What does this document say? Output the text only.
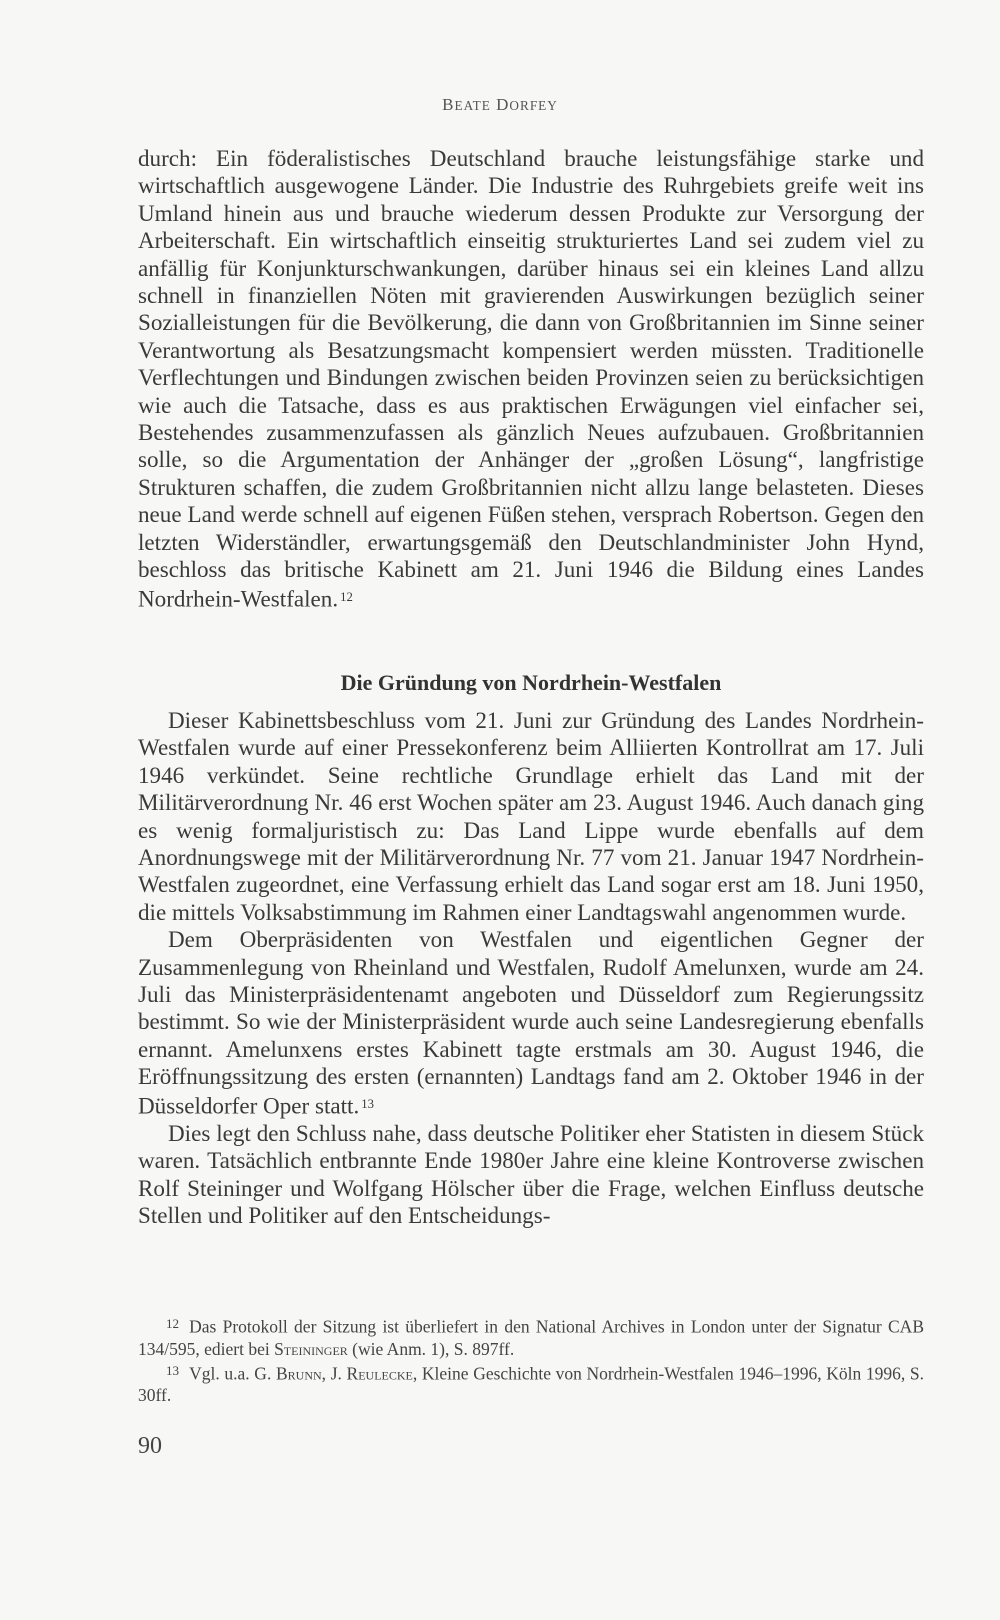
BEATE DORFEY

durch: Ein föderalistisches Deutschland brauche leistungsfähige starke und wirtschaftlich ausgewogene Länder. Die Industrie des Ruhrgebiets greife weit ins Umland hinein aus und brauche wiederum dessen Produkte zur Versorgung der Arbeiterschaft. Ein wirtschaftlich einseitig strukturiertes Land sei zudem viel zu anfällig für Konjunkturschwankungen, darüber hinaus sei ein kleines Land allzu schnell in finanziellen Nöten mit gravierenden Auswirkungen bezüglich seiner Sozialleistungen für die Bevölkerung, die dann von Großbritannien im Sinne seiner Verantwortung als Besatzungsmacht kompensiert werden müssten. Traditionelle Verflechtungen und Bindungen zwischen beiden Provinzen seien zu berücksichtigen wie auch die Tatsache, dass es aus praktischen Erwägungen viel einfacher sei, Bestehendes zusammenzufassen als gänzlich Neues aufzubauen. Großbritannien solle, so die Argumentation der Anhänger der „großen Lösung“, langfristige Strukturen schaffen, die zudem Großbritannien nicht allzu lange belasteten. Dieses neue Land werde schnell auf eigenen Füßen stehen, versprach Robertson. Gegen den letzten Widerständler, erwartungsgemäß den Deutschlandminister John Hynd, beschloss das britische Kabinett am 21. Juni 1946 die Bildung eines Landes Nordrhein-Westfalen. $^{12}$

Die Gründung von Nordrhein-Westfalen

Dieser Kabinettsbeschluss vom 21. Juni zur Gründung des Landes Nordrhein-Westfalen wurde auf einer Pressekonferenz beim Alliierten Kontrollrat am 17. Juli 1946 verkündet. Seine rechtliche Grundlage erhielt das Land mit der Militärverordnung Nr. 46 erst Wochen später am 23. August 1946. Auch danach ging es wenig formaljuristisch zu: Das Land Lippe wurde ebenfalls auf dem Anordnungswege mit der Militärverordnung Nr. 77 vom 21. Januar 1947 Nordrhein-Westfalen zugeordnet, eine Verfassung erhielt das Land sogar erst am 18. Juni 1950, die mittels Volksabstimmung im Rahmen einer Landtagswahl angenommen wurde.

Dem Oberpräsidenten von Westfalen und eigentlichen Gegner der Zusammenlegung von Rheinland und Westfalen, Rudolf Amelunxen, wurde am 24. Juli das Ministerpräsidentenamt angeboten und Düsseldorf zum Regierungssitz bestimmt. So wie der Ministerpräsident wurde auch seine Landesregierung ebenfalls ernannt. Amelunxens erstes Kabinett tagte erstmals am 30. August 1946, die Eröffnungssitzung des ersten (ernannten) Landtags fand am 2. Oktober 1946 in der Düsseldorfer Oper statt. $^{13}$

Dies legt den Schluss nahe, dass deutsche Politiker eher Statisten in diesem Stück waren. Tatsächlich entbrannte Ende 1980er Jahre eine kleine Kontroverse zwischen Rolf Steininger und Wolfgang Hölscher über die Frage, welchen Einfluss deutsche Stellen und Politiker auf den Entscheidungs-

$^{12}$ Das Protokoll der Sitzung ist überliefert in den National Archives in London unter der Signatur CAB 134/595, ediert bei Steininger (wie Anm. 1), S. 897ff.

$^{13}$ Vgl. u.a. G. Brunn, J. Reulecke, Kleine Geschichte von Nordrhein-Westfalen 1946–1996, Köln 1996, S. 30ff.

90
